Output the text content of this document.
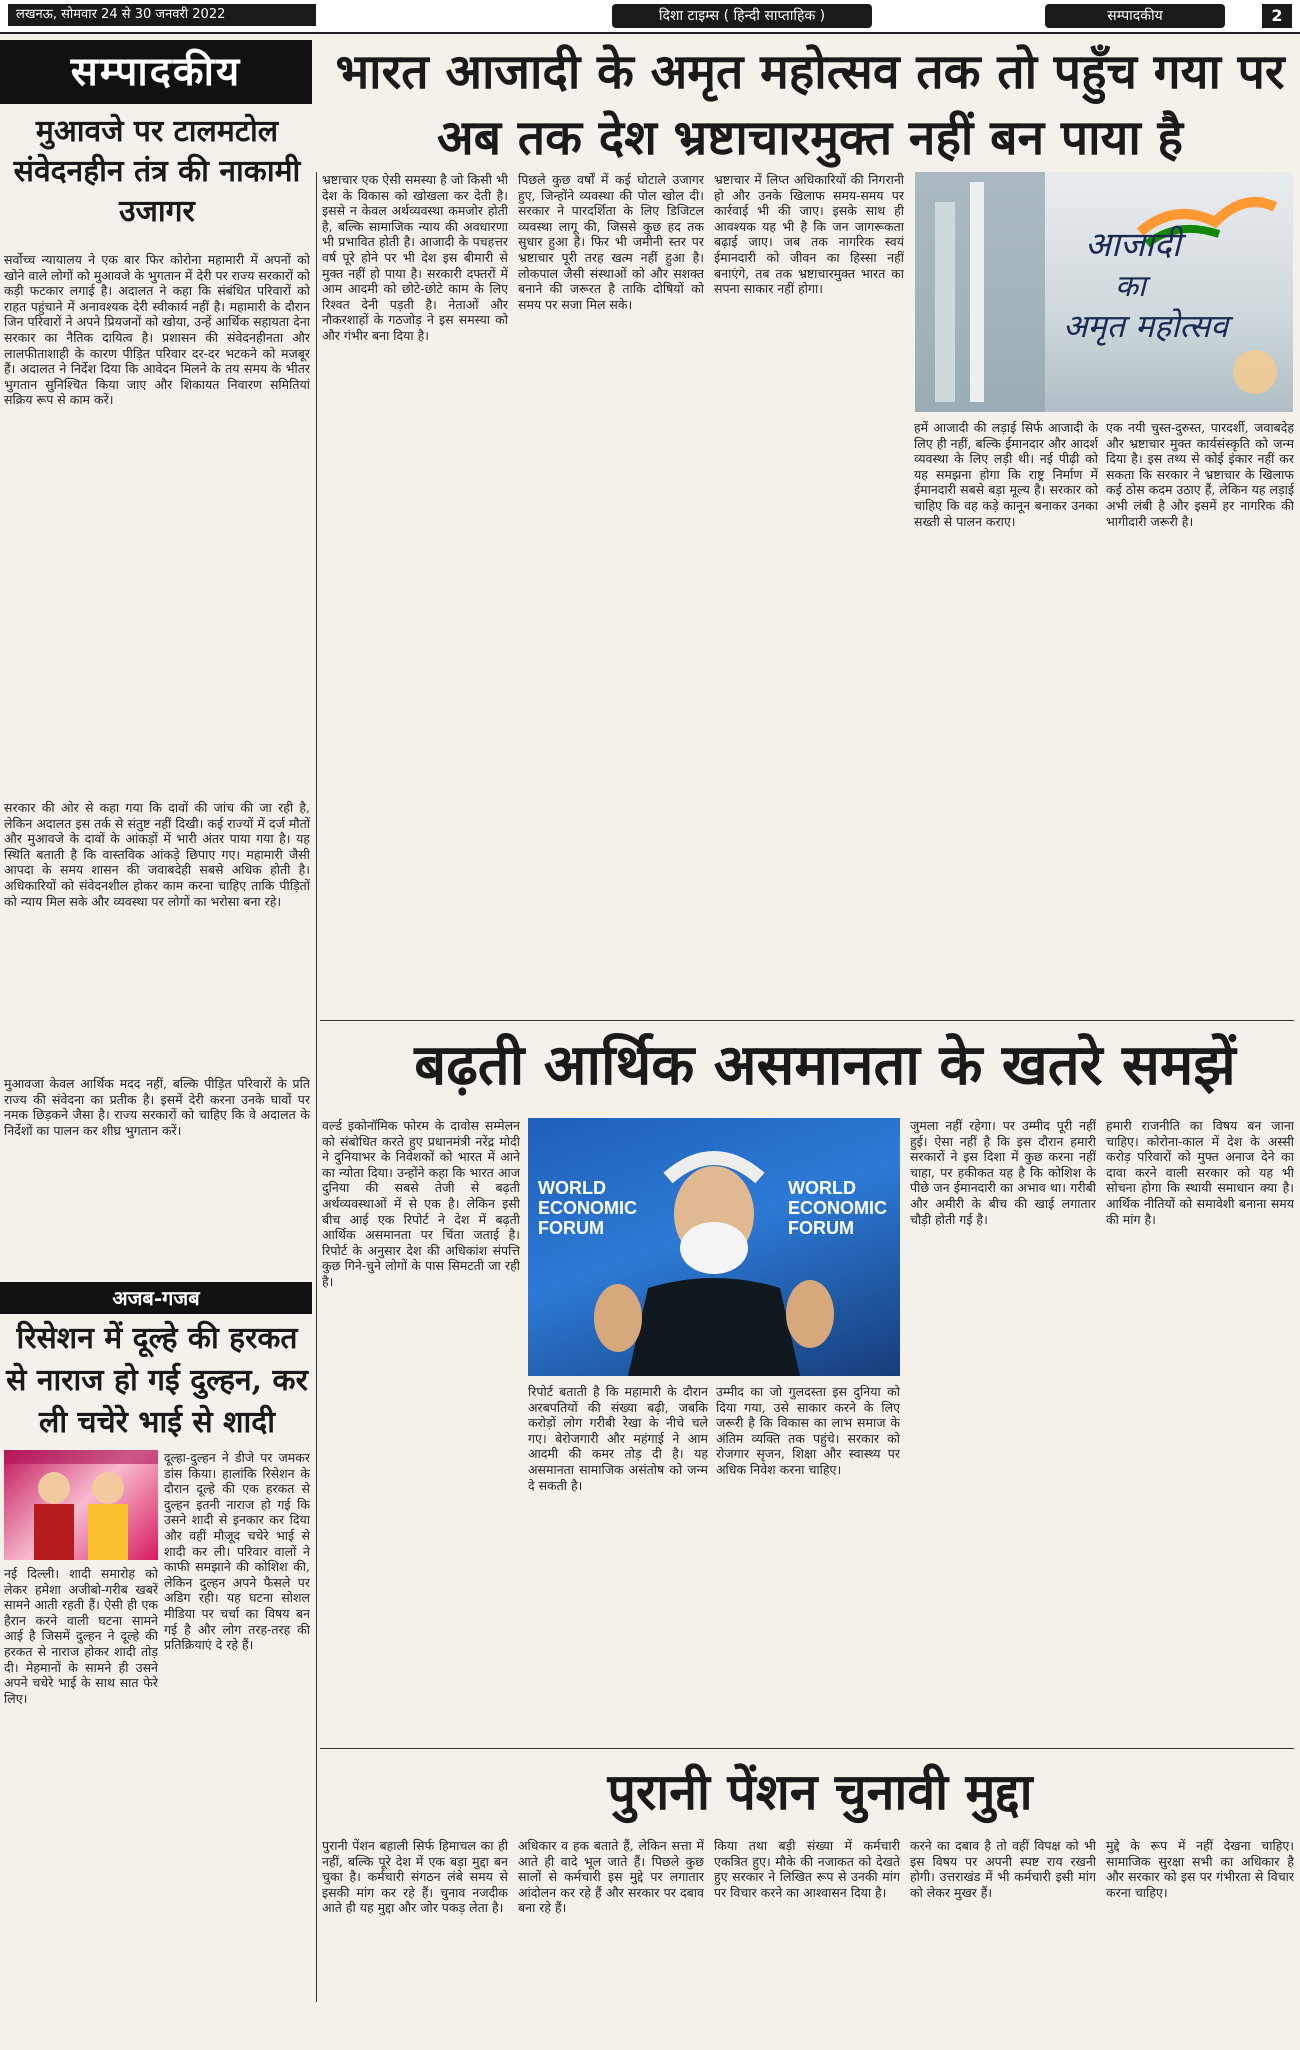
लखनऊ, सोमवार 24 से 30 जनवरी 2022	दिशा टाइम्स ( हिन्दी साप्ताहिक )	सम्पादकीय	2
सम्पादकीय	भारत आजादी के अमृत महोत्सव तक तो पहुँच गया पर
अब तक देश भ्रष्टाचारमुक्त नहीं बन पाया है
मुआवजे पर टालमटोल संवेदनहीन तंत्र की नाकामी उजागर

सर्वोच्च न्यायालय ने एक बार फिर कोरोना महामारी में अपनों को खोने वाले लोगों को मुआवजे के भुगतान में देरी पर राज्य सरकारों को कड़ी फटकार लगाई है। अदालत ने कहा कि संबंधित परिवारों को राहत पहुंचाने में अनावश्यक देरी स्वीकार्य नहीं है। महामारी के दौरान जिन परिवारों ने अपने प्रियजनों को खोया, उन्हें आर्थिक सहायता देना सरकार का नैतिक दायित्व है। प्रशासन की संवेदनहीनता और लालफीताशाही के कारण पीड़ित परिवार दर-दर भटकने को मजबूर हैं। अदालत ने निर्देश दिया कि आवेदन मिलने के तय समय के भीतर भुगतान सुनिश्चित किया जाए और शिकायत निवारण समितियां सक्रिय रूप से काम करें।

सरकार की ओर से कहा गया कि दावों की जांच की जा रही है, लेकिन अदालत इस तर्क से संतुष्ट नहीं दिखी। कई राज्यों में दर्ज मौतों और मुआवजे के दावों के आंकड़ों में भारी अंतर पाया गया है। यह स्थिति बताती है कि वास्तविक आंकड़े छिपाए गए। महामारी जैसी आपदा के समय शासन की जवाबदेही सबसे अधिक होती है। अधिकारियों को संवेदनशील होकर काम करना चाहिए ताकि पीड़ितों को न्याय मिल सके और व्यवस्था पर लोगों का भरोसा बना रहे।

मुआवजा केवल आर्थिक मदद नहीं, बल्कि पीड़ित परिवारों के प्रति राज्य की संवेदना का प्रतीक है। इसमें देरी करना उनके घावों पर नमक छिड़कने जैसा है। राज्य सरकारों को चाहिए कि वे अदालत के निर्देशों का पालन कर शीघ्र भुगतान करें।

अजब-गजब
रिसेशन में दूल्हे की हरकत से नाराज हो गई दुल्हन, कर ली चचेरे भाई से शादी

दूल्हा-दुल्हन ने डीजे पर जमकर डांस किया। हालांकि रिसेशन के दौरान दूल्हे की एक हरकत से दुल्हन इतनी नाराज हो गई कि उसने शादी से इनकार कर दिया और वहीं मौजूद चचेरे भाई से शादी कर ली। परिवार वालों ने काफी समझाने की कोशिश की, लेकिन दुल्हन अपने फैसले पर अडिग रही। यह घटना सोशल मीडिया पर चर्चा का विषय बन गई है और लोग तरह-तरह की प्रतिक्रियाएं दे रहे हैं।

नई दिल्ली। शादी समारोह को लेकर हमेशा अजीबो-गरीब खबरें सामने आती रहती हैं। ऐसी ही एक हैरान करने वाली घटना सामने आई है जिसमें दुल्हन ने दूल्हे की हरकत से नाराज होकर शादी तोड़ दी। मेहमानों के सामने ही उसने अपने चचेरे भाई के साथ सात फेरे लिए।

भ्रष्टाचार एक ऐसी समस्या है जो किसी भी देश के विकास को खोखला कर देती है। इससे न केवल अर्थव्यवस्था कमजोर होती है, बल्कि सामाजिक न्याय की अवधारणा भी प्रभावित होती है। आजादी के पचहत्तर वर्ष पूरे होने पर भी देश इस बीमारी से मुक्त नहीं हो पाया है। सरकारी दफ्तरों में आम आदमी को छोटे-छोटे काम के लिए रिश्वत देनी पड़ती है। नेताओं और नौकरशाहों के गठजोड़ ने इस समस्या को और गंभीर बना दिया है।

पिछले कुछ वर्षों में कई घोटाले उजागर हुए, जिन्होंने व्यवस्था की पोल खोल दी। सरकार ने पारदर्शिता के लिए डिजिटल व्यवस्था लागू की, जिससे कुछ हद तक सुधार हुआ है। फिर भी जमीनी स्तर पर भ्रष्टाचार पूरी तरह खत्म नहीं हुआ है। लोकपाल जैसी संस्थाओं को और सशक्त बनाने की जरूरत है ताकि दोषियों को समय पर सजा मिल सके।

भ्रष्टाचार में लिप्त अधिकारियों की निगरानी हो और उनके खिलाफ समय-समय पर कार्रवाई भी की जाए। इसके साथ ही आवश्यक यह भी है कि जन जागरूकता बढ़ाई जाए। जब तक नागरिक स्वयं ईमानदारी को जीवन का हिस्सा नहीं बनाएंगे, तब तक भ्रष्टाचारमुक्त भारत का सपना साकार नहीं होगा।

आजादी
का
अमृत महोत्सव

हमें आजादी की लड़ाई सिर्फ आजादी के लिए ही नहीं, बल्कि ईमानदार और आदर्श व्यवस्था के लिए लड़ी थी। नई पीढ़ी को यह समझना होगा कि राष्ट्र निर्माण में ईमानदारी सबसे बड़ा मूल्य है। सरकार को चाहिए कि वह कड़े कानून बनाकर उनका सख्ती से पालन कराए।

एक नयी चुस्त-दुरुस्त, पारदर्शी, जवाबदेह और भ्रष्टाचार मुक्त कार्यसंस्कृति को जन्म दिया है। इस तथ्य से कोई इंकार नहीं कर सकता कि सरकार ने भ्रष्टाचार के खिलाफ कई ठोस कदम उठाए हैं, लेकिन यह लड़ाई अभी लंबी है और इसमें हर नागरिक की भागीदारी जरूरी है।

बढ़ती आर्थिक असमानता के खतरे समझें
WORLD ECONOMIC FORUM
WORLD ECONOMIC FORUM

वर्ल्ड इकोनॉमिक फोरम के दावोस सम्मेलन को संबोधित करते हुए प्रधानमंत्री नरेंद्र मोदी ने दुनियाभर के निवेशकों को भारत में आने का न्योता दिया। उन्होंने कहा कि भारत आज दुनिया की सबसे तेजी से बढ़ती अर्थव्यवस्थाओं में से एक है। लेकिन इसी बीच आई एक रिपोर्ट ने देश में बढ़ती आर्थिक असमानता पर चिंता जताई है। रिपोर्ट के अनुसार देश की अधिकांश संपत्ति कुछ गिने-चुने लोगों के पास सिमटती जा रही है।

रिपोर्ट बताती है कि महामारी के दौरान अरबपतियों की संख्या बढ़ी, जबकि करोड़ों लोग गरीबी रेखा के नीचे चले गए। बेरोजगारी और महंगाई ने आम आदमी की कमर तोड़ दी है। यह असमानता सामाजिक असंतोष को जन्म दे सकती है।

उम्मीद का जो गुलदस्ता इस दुनिया को दिया गया, उसे साकार करने के लिए जरूरी है कि विकास का लाभ समाज के अंतिम व्यक्ति तक पहुंचे। सरकार को रोजगार सृजन, शिक्षा और स्वास्थ्य पर अधिक निवेश करना चाहिए।

जुमला नहीं रहेगा। पर उम्मीद पूरी नहीं हुई। ऐसा नहीं है कि इस दौरान हमारी सरकारों ने इस दिशा में कुछ करना नहीं चाहा, पर हकीकत यह है कि कोशिश के पीछे जन ईमानदारी का अभाव था। गरीबी और अमीरी के बीच की खाई लगातार चौड़ी होती गई है।

हमारी राजनीति का विषय बन जाना चाहिए। कोरोना-काल में देश के अस्सी करोड़ परिवारों को मुफ्त अनाज देने का दावा करने वाली सरकार को यह भी सोचना होगा कि स्थायी समाधान क्या है। आर्थिक नीतियों को समावेशी बनाना समय की मांग है।

पुरानी पेंशन चुनावी मुद्दा

पुरानी पेंशन बहाली सिर्फ हिमाचल का ही नहीं, बल्कि पूरे देश में एक बड़ा मुद्दा बन चुका है। कर्मचारी संगठन लंबे समय से इसकी मांग कर रहे हैं। चुनाव नजदीक आते ही यह मुद्दा और जोर पकड़ लेता है।

अधिकार व हक बताते हैं, लेकिन सत्ता में आते ही वादे भूल जाते हैं। पिछले कुछ सालों से कर्मचारी इस मुद्दे पर लगातार आंदोलन कर रहे हैं और सरकार पर दबाव बना रहे हैं।

किया तथा बड़ी संख्या में कर्मचारी एकत्रित हुए। मौके की नजाकत को देखते हुए सरकार ने लिखित रूप से उनकी मांग पर विचार करने का आश्वासन दिया है।

करने का दबाव है तो वहीं विपक्ष को भी इस विषय पर अपनी स्पष्ट राय रखनी होगी। उत्तराखंड में भी कर्मचारी इसी मांग को लेकर मुखर हैं।

मुद्दे के रूप में नहीं देखना चाहिए। सामाजिक सुरक्षा सभी का अधिकार है और सरकार को इस पर गंभीरता से विचार करना चाहिए।
